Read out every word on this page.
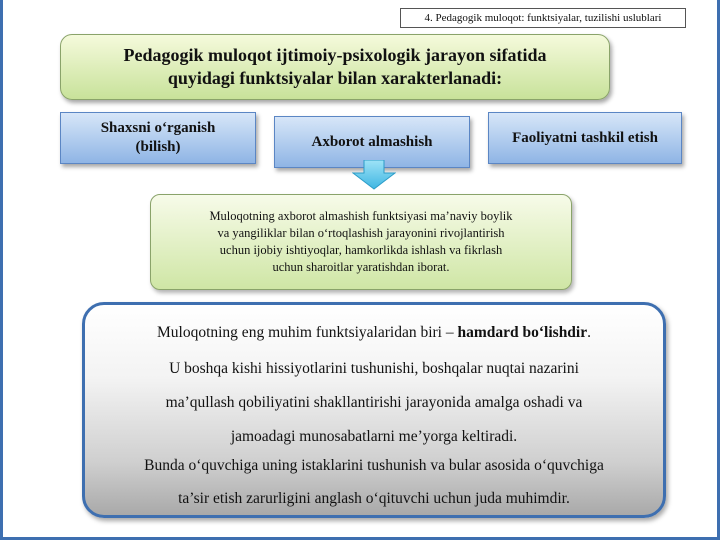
4. Pedagogik muloqot: funktsiyalar, tuzilishi uslublari
Pedagogik muloqot ijtimoiy-psixologik jarayon sifatida
quyidagi funktsiyalar bilan xarakterlanadi:
Shaxsni o‘rganish
(bilish)	Axborot almashish	Faoliyatni tashkil etish
Muloqotning axborot almashish funktsiyasi ma’naviy boylik
va yangiliklar bilan o‘rtoqlashish jarayonini rivojlantirish
uchun ijobiy ishtiyoqlar, hamkorlikda ishlash va fikrlash
uchun sharoitlar yaratishdan iborat.
Muloqotning eng muhim funktsiyalaridan biri – hamdard bo‘lishdir.
U boshqa kishi hissiyotlarini tushunishi, boshqalar nuqtai nazarini
ma’qullash qobiliyatini shakllantirishi jarayonida amalga oshadi va
jamoadagi munosabatlarni me’yorga keltiradi.
Bunda o‘quvchiga uning istaklarini tushunish va bular asosida o‘quvchiga
ta’sir etish zarurligini anglash o‘qituvchi uchun juda muhimdir.
